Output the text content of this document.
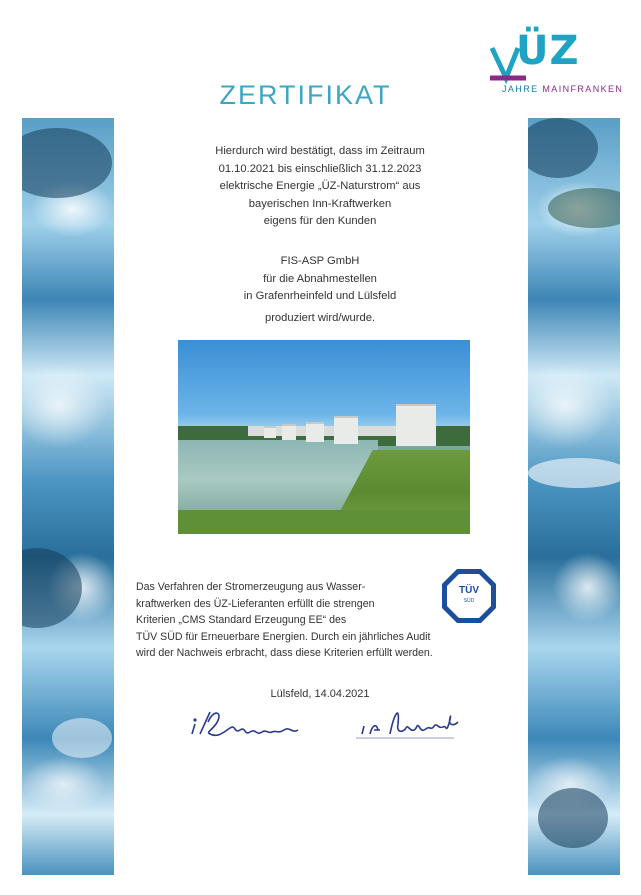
ÜZ
JAHRE MAINFRANKEN
ZERTIFIKAT
Hierdurch wird bestätigt, dass im Zeitraum
01.10.2021 bis einschließlich 31.12.2023
elektrische Energie „ÜZ-Naturstrom“ aus
bayerischen Inn-Kraftwerken
eigens für den Kunden
FIS-ASP GmbH
für die Abnahmestellen
in Grafenrheinfeld und Lülsfeld
produziert wird/wurde.
TÜV
SÜD
Das Verfahren der Stromerzeugung aus Wasser-
kraftwerken des ÜZ-Lieferanten erfüllt die strengen
Kriterien „CMS Standard Erzeugung EE“ des
TÜV SÜD für Erneuerbare Energien. Durch ein jährliches Audit
wird der Nachweis erbracht, dass diese Kriterien erfüllt werden.
Lülsfeld, 14.04.2021
